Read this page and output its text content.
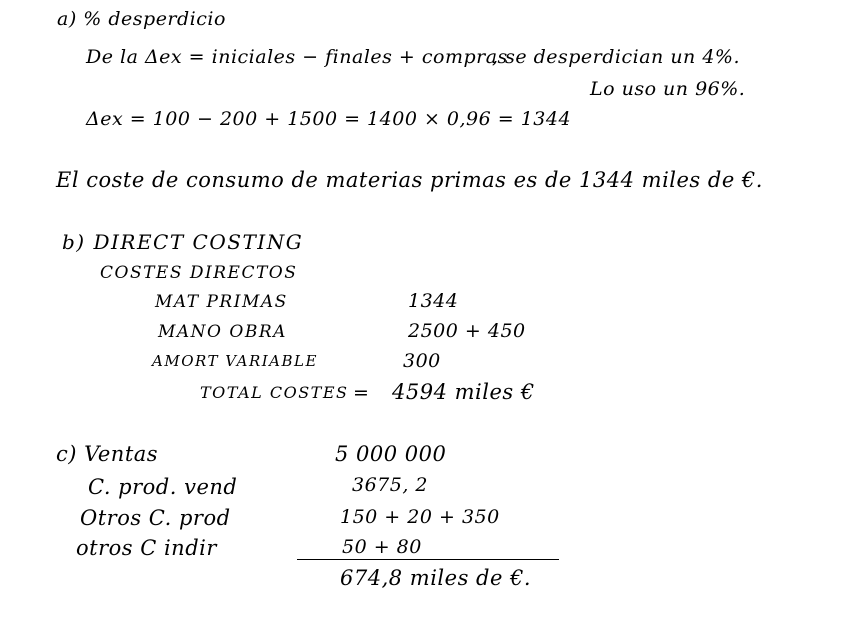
a) % desperdicio
De la Δex = iniciales − finales + compras
, se desperdician un 4%.
Lo uso un 96%.
Δex = 100 − 200 + 1500 = 1400 × 0,96 = 1344
El coste de consumo de materias primas es de 1344 miles de €.
b) DIRECT COSTING
COSTES DIRECTOS
MAT PRIMAS	1344
MANO OBRA	2500 + 450
AMORT VARIABLE	300
TOTAL COSTES = 4594 miles €
c) Ventas	5 000 000
C. prod. vend	3675, 2
Otros C. prod	150 + 20 + 350
otros C indir	50 + 80
674,8 miles de €.
